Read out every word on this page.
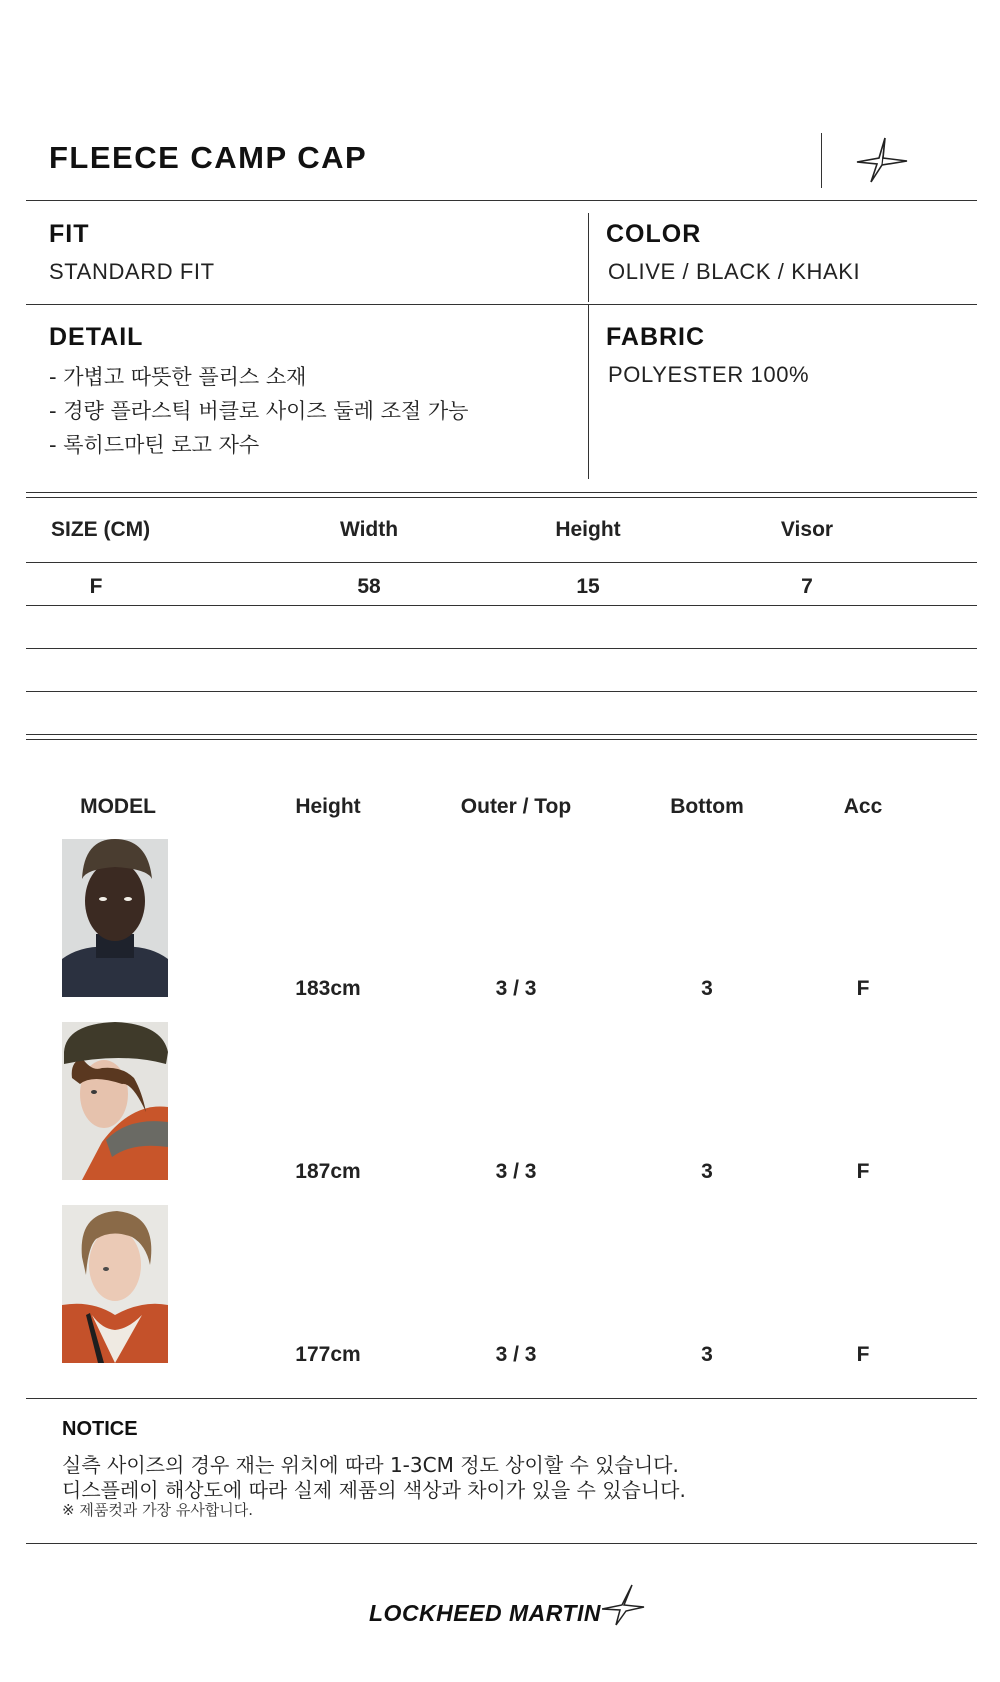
FLEECE CAMP CAP
FIT
STANDARD FIT
COLOR
OLIVE / BLACK / KHAKI
DETAIL
- 가볍고 따뜻한 플리스 소재
- 경량 플라스틱 버클로 사이즈 둘레 조절 가능
- 록히드마틴 로고 자수
FABRIC
POLYESTER 100%
SIZE (CM)	Width	Height	Visor
F	58	15	7
MODEL	Height	Outer / Top	Bottom	Acc
183cm	3 / 3	3	F
187cm	3 / 3	3	F
177cm	3 / 3	3	F
NOTICE
실측 사이즈의 경우 재는 위치에 따라 1-3CM 정도 상이할 수 있습니다.
디스플레이 해상도에 따라 실제 제품의 색상과 차이가 있을 수 있습니다.
※ 제품컷과 가장 유사합니다.
LOCKHEED MARTIN
